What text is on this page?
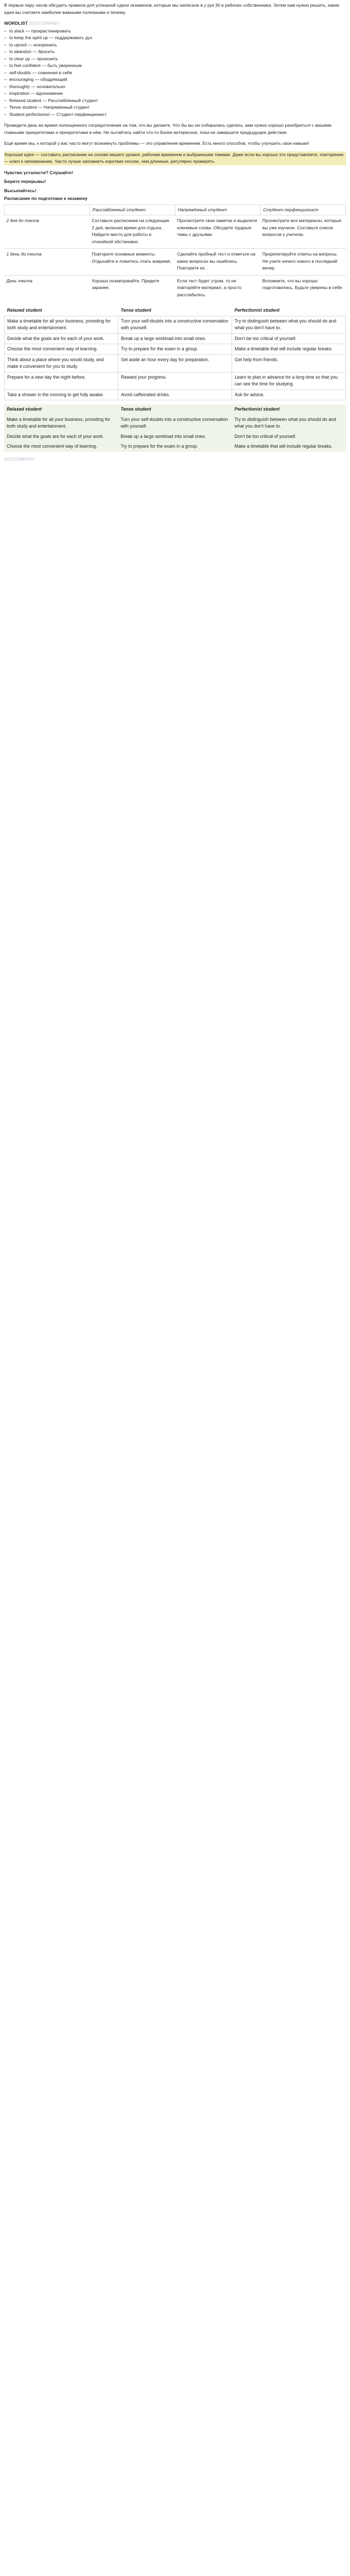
В первые пару часов обсудить правила для успешной сдачи экзаменов, которые мы написали в у рук 30 в рабочих собственника. Затем нам нужно решить, какие идеи вы считаете наиболее важными полезными и почему.

WORDLIST SOCCOMPANY
– to slack — прокрастинировать
– to keep the spirit up — поддерживать дух
– to uproot — искоренить
– to abandon — бросить
– to clear up — прояснить
– to feel confident — быть уверенным
– self-doubts — сомнения в себе
– encouraging — ободряющий
– thoroughly — основательно
– inspiration — вдохновение
– Relaxed student — Расслабленный студент
– Tense student — Напряжённый студент
– Student perfectionist — Студент-перфекционист

Проведите день во время полноценного сосредоточения на том, что вы делаете. Что бы вы ни собирались сделать, вам нужно хорошо разобраться с вашими главными приоритетами и приоритетами в нём. Не пытайтесь найти что-то более интересное, пока не завершите предыдущее действие.

Ещё время мы, к которой у вас часто могут возникнуть проблемы — это управление временем. Есть много способов, чтобы улучшить свои навыки!

Хорошая идея — составить расписание на основе вашего уровня, рабочим временем и выбранными темами. Даже если вы хорошо это представляете, повторение — ключ к запоминанию. Часто лучше запомнить короткие сессии, чем длинные, регулярно проверять.

Чувство усталости? Слушайте!
Берите перерывы!
Высыпайтесь!
Расписание по подготовке к экзамену
	Расслабленный студент	Напряжённый студент	Студент-перфекционист
2 дня до теста	Составьте расписание на следующие 2 дня, включая время для отдыха. Найдите место для работы в спокойной обстановке.	Просмотрите свои заметки и выделите ключевые слова. Обсудите трудные темы с друзьями.	Просмотрите все материалы, которые вы уже изучили. Составьте список вопросов к учителю.
1 день до теста	Повторите основные моменты. Отдыхайте и ложитесь спать вовремя.	Сделайте пробный тест и отметьте на каких вопросах вы ошиблись. Повторите их.	Прорепетируйте ответы на вопросы. Не учите ничего нового в последний вечер.
День теста	Хорошо позавтракайте. Придите заранее.	Если тест будет утром, то не повторяйте материал, а просто расслабьтесь.	Вспомните, что вы хорошо подготовились. Будьте уверены в себе.
Relaxed student	Tense student	Perfectionist student
Make a timetable for all your business, providing for both study and entertainment.	Turn your self-doubts into a constructive conversation with yourself.	Try to distinguish between what you should do and what you don't have to.
Decide what the goals are for each of your work.	Break up a large workload into small ones.	Don't be too critical of yourself.
Choose the most convenient way of learning.	Try to prepare for the exam in a group.	Make a timetable that will include regular breaks.
Think about a place where you would study, and make it convenient for you to study.	Set aside an hour every day for preparation.	Get help from friends.
Prepare for a new day the night before.	Reward your progress.	Learn to plan in advance for a long time so that you can see the time for studying.
Take a shower in the morning to get fully awake.	Avoid caffeinated drinks.	Ask for advice.
Relaxed student	Tense student	Perfectionist student
Make a timetable for all your business, providing for both study and entertainment.	Turn your self-doubts into a constructive conversation with yourself.	Try to distinguish between what you should do and what you don't have to.
Decide what the goals are for each of your work.	Break up a large workload into small ones.	Don't be too critical of yourself.
Choose the most convenient way of learning.	Try to prepare for the exam in a group.	Make a timetable that will include regular breaks.
SOCCOMPANY
